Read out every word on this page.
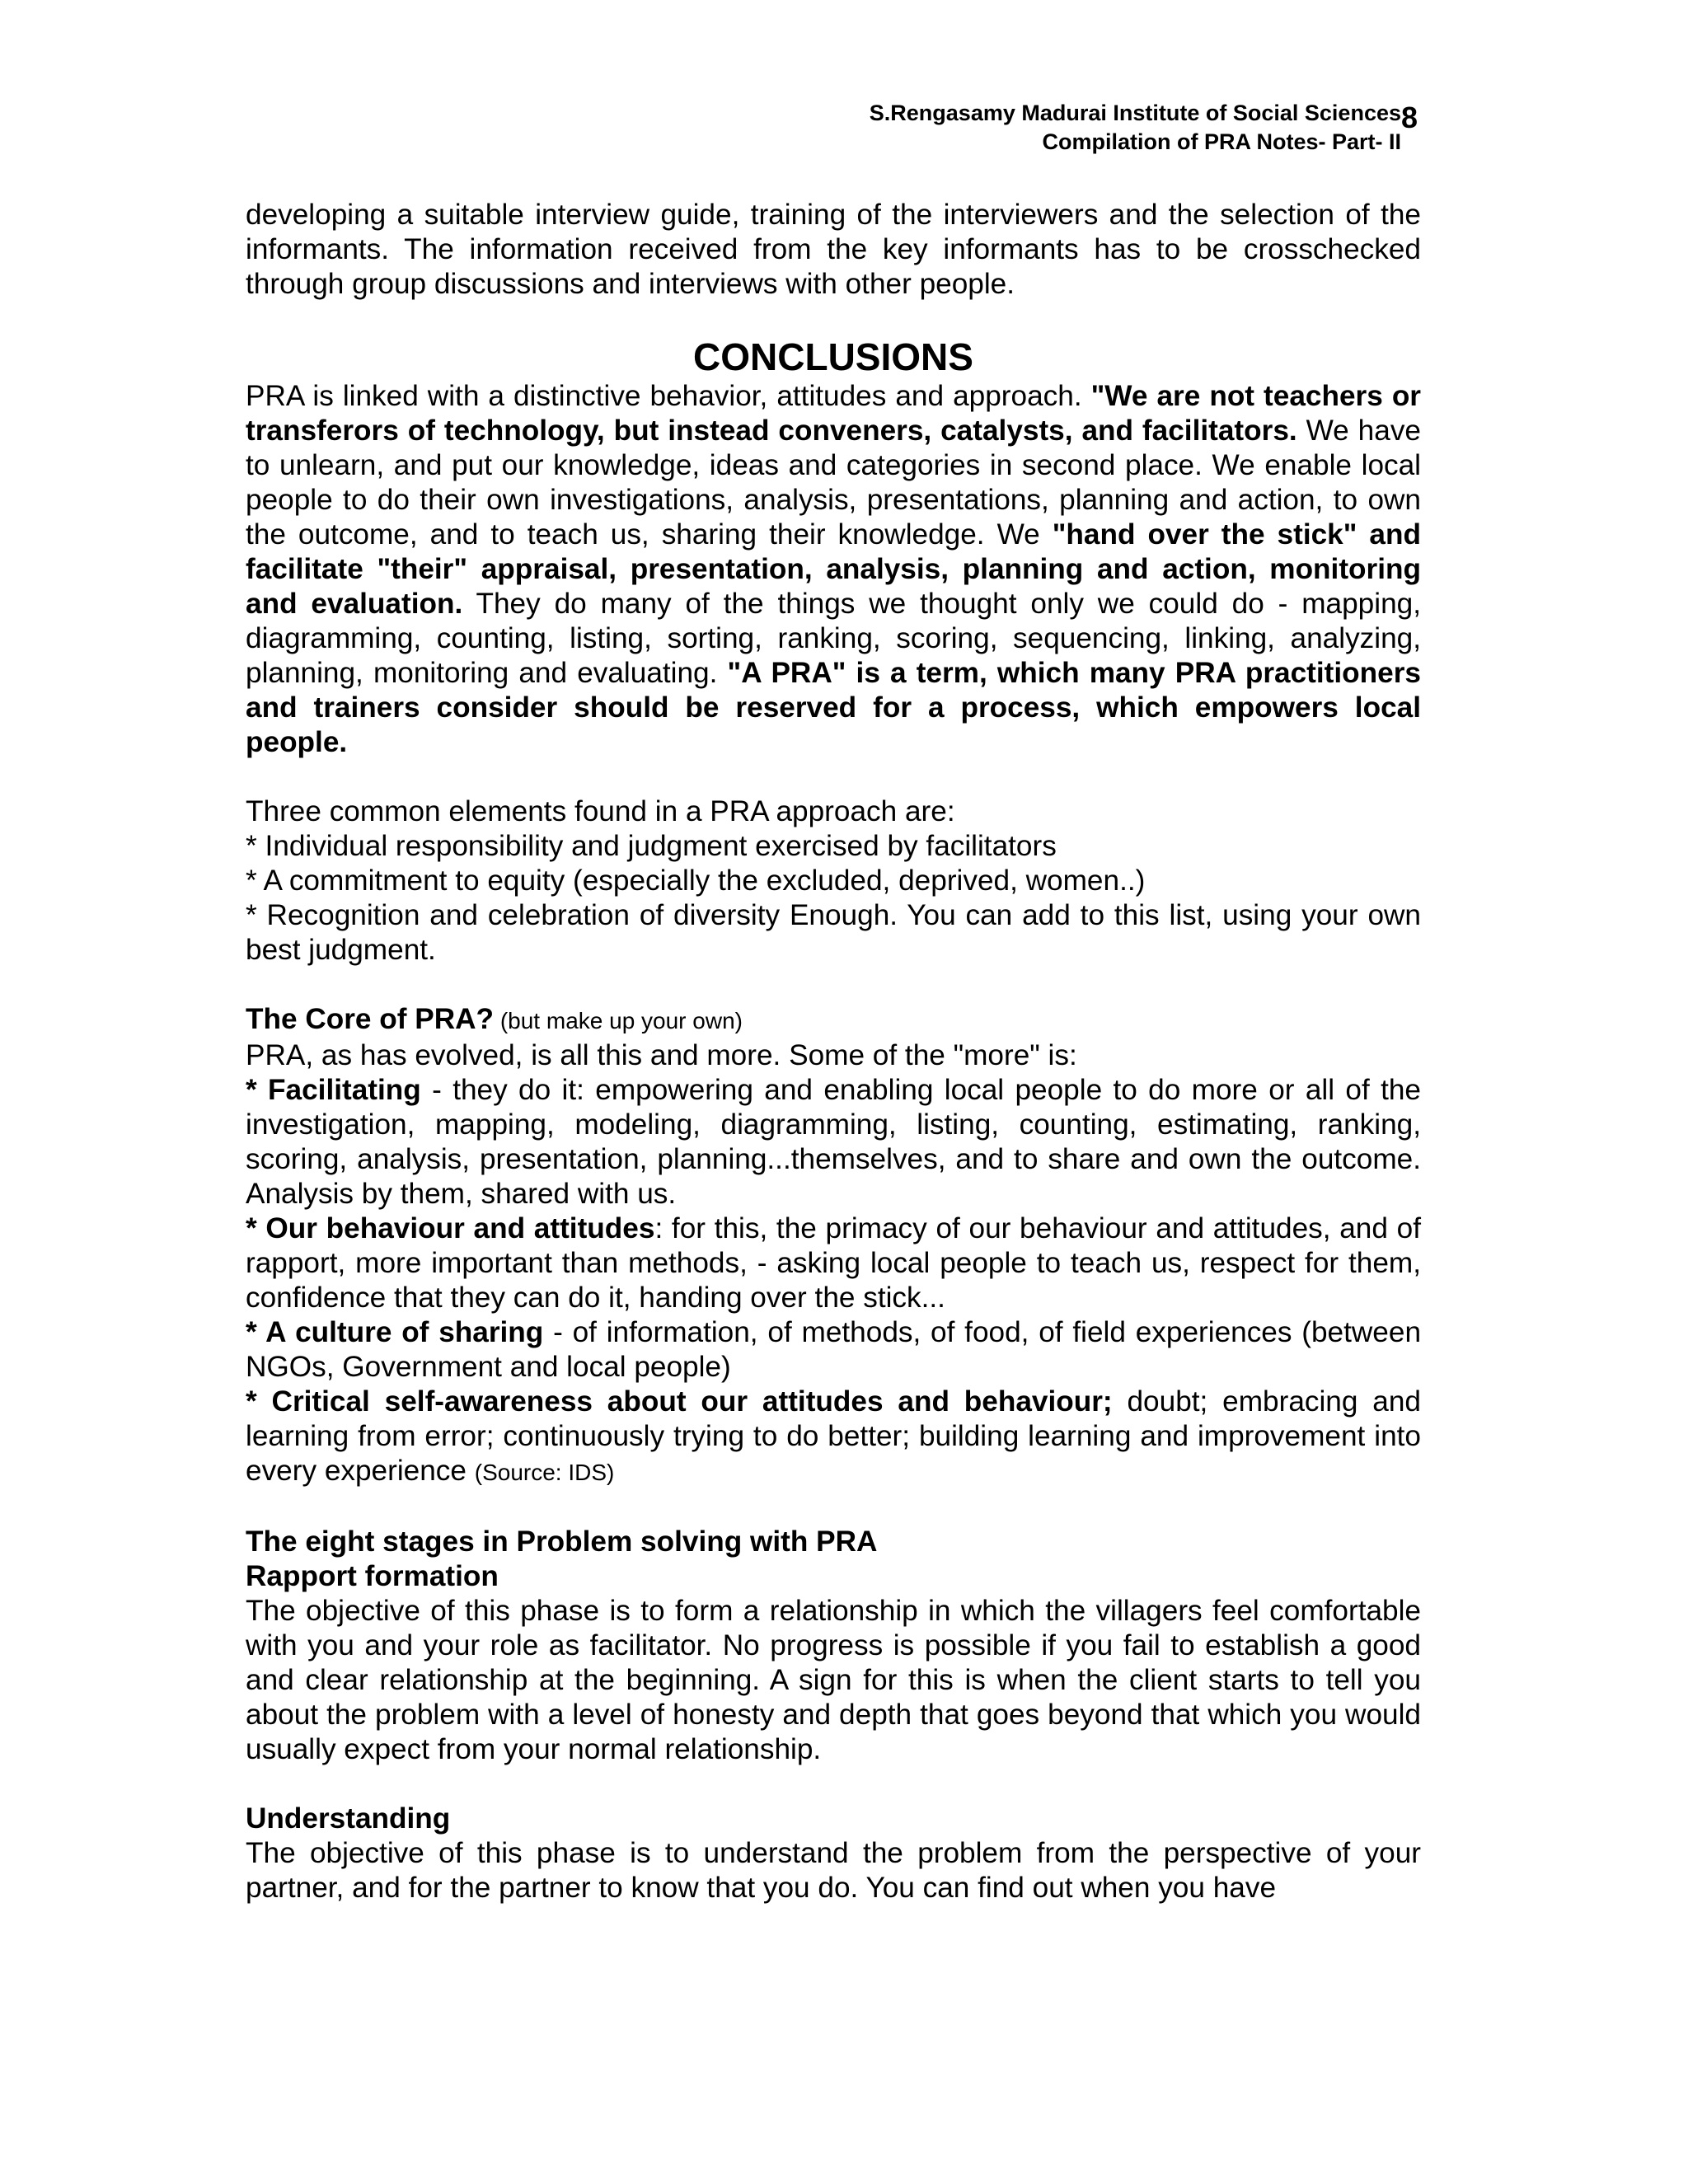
S.Rengasamy Madurai Institute of Social Sciences
Compilation of PRA Notes- Part- II
8

developing a suitable interview guide, training of the interviewers and the selection of the informants. The information received from the key informants has to be crosschecked through group discussions and interviews with other people.

CONCLUSIONS

PRA is linked with a distinctive behavior, attitudes and approach. "We are not teachers or transferors of technology, but instead conveners, catalysts, and facilitators. We have to unlearn, and put our knowledge, ideas and categories in second place. We enable local people to do their own investigations, analysis, presentations, planning and action, to own the outcome, and to teach us, sharing their knowledge. We "hand over the stick" and facilitate "their" appraisal, presentation, analysis, planning and action, monitoring and evaluation. They do many of the things we thought only we could do - mapping, diagramming, counting, listing, sorting, ranking, scoring, sequencing, linking, analyzing, planning, monitoring and evaluating. "A PRA" is a term, which many PRA practitioners and trainers consider should be reserved for a process, which empowers local people.

Three common elements found in a PRA approach are:

* Individual responsibility and judgment exercised by facilitators

* A commitment to equity (especially the excluded, deprived, women..)

* Recognition and celebration of diversity Enough. You can add to this list, using your own best judgment.

The Core of PRA? (but make up your own)

PRA, as has evolved, is all this and more. Some of the "more" is:

* Facilitating - they do it: empowering and enabling local people to do more or all of the investigation, mapping, modeling, diagramming, listing, counting, estimating, ranking, scoring, analysis, presentation, planning...themselves, and to share and own the outcome. Analysis by them, shared with us.

* Our behaviour and attitudes: for this, the primacy of our behaviour and attitudes, and of rapport, more important than methods, - asking local people to teach us, respect for them, confidence that they can do it, handing over the stick...

* A culture of sharing - of information, of methods, of food, of field experiences (between NGOs, Government and local people)

* Critical self-awareness about our attitudes and behaviour; doubt; embracing and learning from error; continuously trying to do better; building learning and improvement into every experience (Source: IDS)

The eight stages in Problem solving with PRA

Rapport formation

The objective of this phase is to form a relationship in which the villagers feel comfortable with you and your role as facilitator. No progress is possible if you fail to establish a good and clear relationship at the beginning. A sign for this is when the client starts to tell you about the problem with a level of honesty and depth that goes beyond that which you would usually expect from your normal relationship.

Understanding

The objective of this phase is to understand the problem from the perspective of your partner, and for the partner to know that you do. You can find out when you have
